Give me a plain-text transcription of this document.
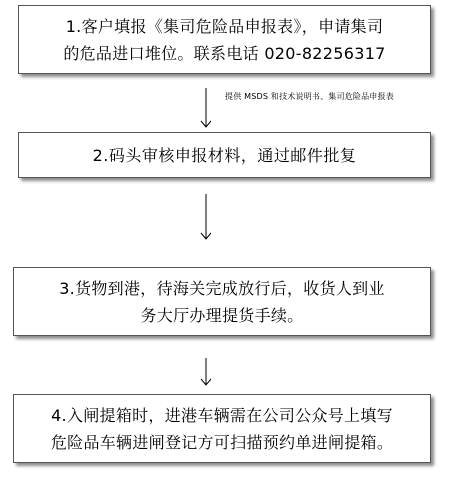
1.客户填报《集司危险品申报表》，申请集司
的危品进口堆位。联系电话 020-82256317
提供 MSDS 和技术说明书、集司危险品申报表
2.码头审核申报材料，通过邮件批复
3.货物到港，待海关完成放行后，收货人到业
务大厅办理提货手续。
4.入闸提箱时，进港车辆需在公司公众号上填写
危险品车辆进闸登记方可扫描预约单进闸提箱。
